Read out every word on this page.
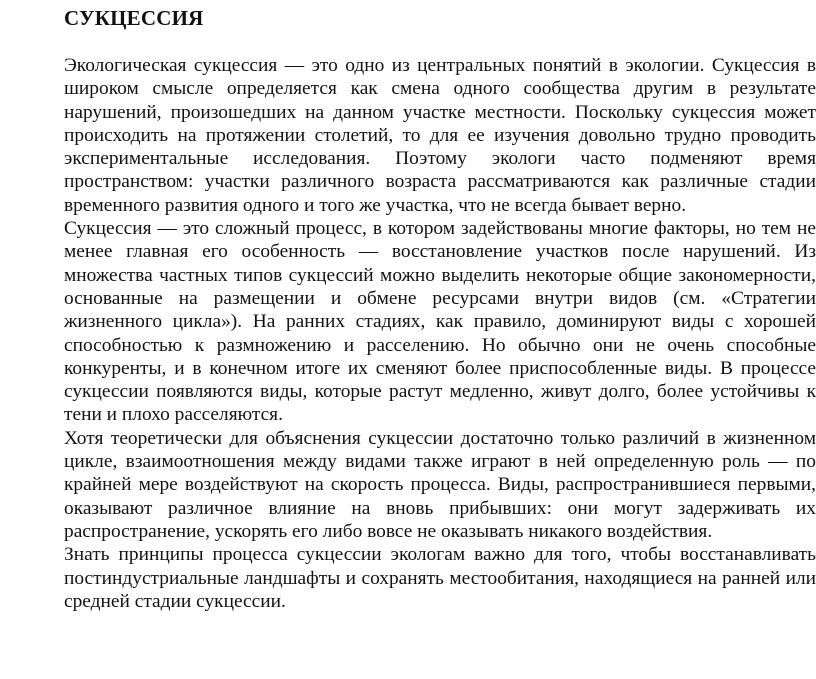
СУКЦЕССИЯ

Экологическая сукцессия — это одно из центральных понятий в экологии. Сукцессия в широком смысле определяется как смена одного сообщества другим в результате нарушений, произошедших на данном участке местности. Поскольку сукцессия может происходить на протяжении столетий, то для ее изучения довольно трудно проводить экспериментальные исследования. Поэтому экологи часто подменяют время пространством: участки различного возраста рассматриваются как различные стадии временного развития одного и того же участка, что не всегда бывает верно.

Сукцессия — это сложный процесс, в котором задействованы многие факторы, но тем не менее главная его особенность — восстановление участков после нарушений. Из множества частных типов сукцессий можно выделить некоторые общие закономерности, основанные на размещении и обмене ресурсами внутри видов (см. «Стратегии жизненного цикла»). На ранних стадиях, как правило, доминируют виды с хорошей способностью к размножению и расселению. Но обычно они не очень способные конкуренты, и в конечном итоге их сменяют более приспособленные виды. В процессе сукцессии появляются виды, которые растут медленно, живут долго, более устойчивы к тени и плохо расселяются.

Хотя теоретически для объяснения сукцессии достаточно только различий в жизненном цикле, взаимоотношения между видами также играют в ней определенную роль — по крайней мере воздействуют на скорость процесса. Виды, распространившиеся первыми, оказывают различное влияние на вновь прибывших: они могут задерживать их распространение, ускорять его либо вовсе не оказывать никакого воздействия.

Знать принципы процесса сукцессии экологам важно для того, чтобы восстанавливать постиндустриальные ландшафты и сохранять местообитания, находящиеся на ранней или средней стадии сукцессии.
